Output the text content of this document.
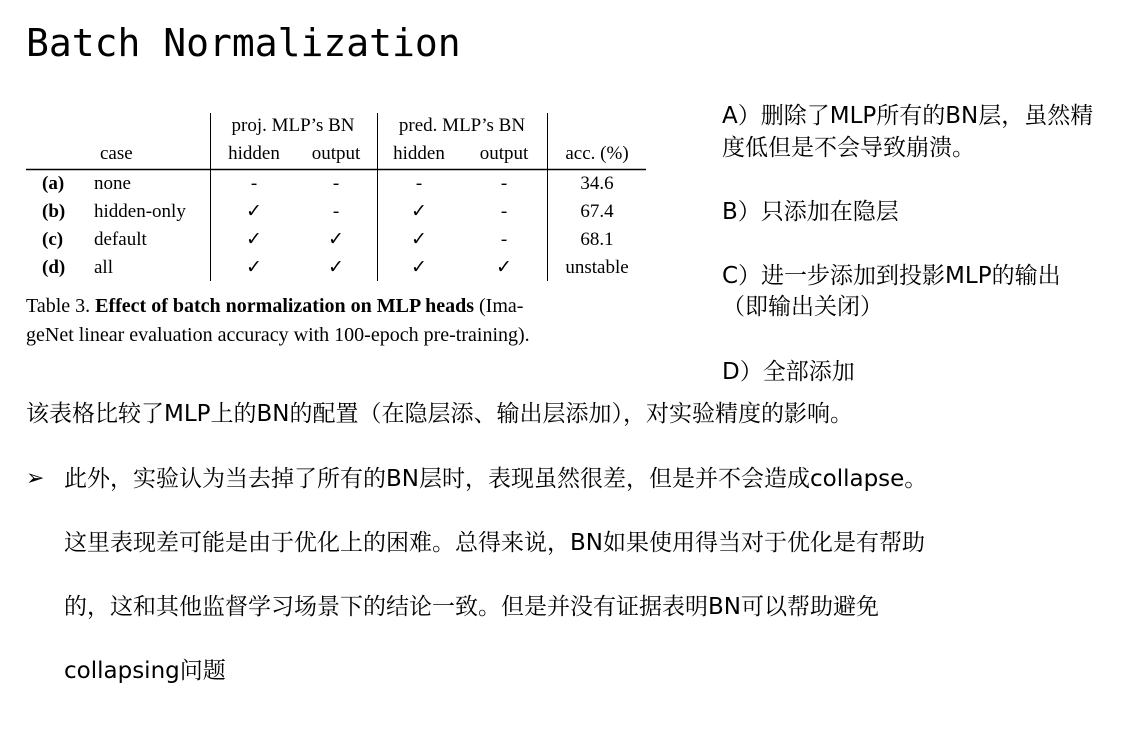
Batch Normalization
proj. MLP’s BN pred. MLP’s BN
case	hidden output hidden output acc. (%)
(a) none	-	-	-	-	34.6
(b) hidden-only	✓	-	✓	-	67.4
(c) default	✓	✓	✓	-	68.1
(d) all	✓	✓	✓	✓	unstable
Table 3. Effect of batch normalization on MLP heads (Ima-
geNet linear evaluation accuracy with 100-epoch pre-training).
A）删除了MLP所有的BN层，虽然精
度低但是不会导致崩溃。
B）只添加在隐层
C）进一步添加到投影MLP的输出
（即输出关闭）
D）全部添加
该表格比较了MLP上的BN的配置（在隐层添、输出层添加），对实验精度的影响。
➢ 此外，实验认为当去掉了所有的BN层时，表现虽然很差，但是并不会造成collapse。
这里表现差可能是由于优化上的困难。总得来说，BN如果使用得当对于优化是有帮助
的，这和其他监督学习场景下的结论一致。但是并没有证据表明BN可以帮助避免
collapsing问题
